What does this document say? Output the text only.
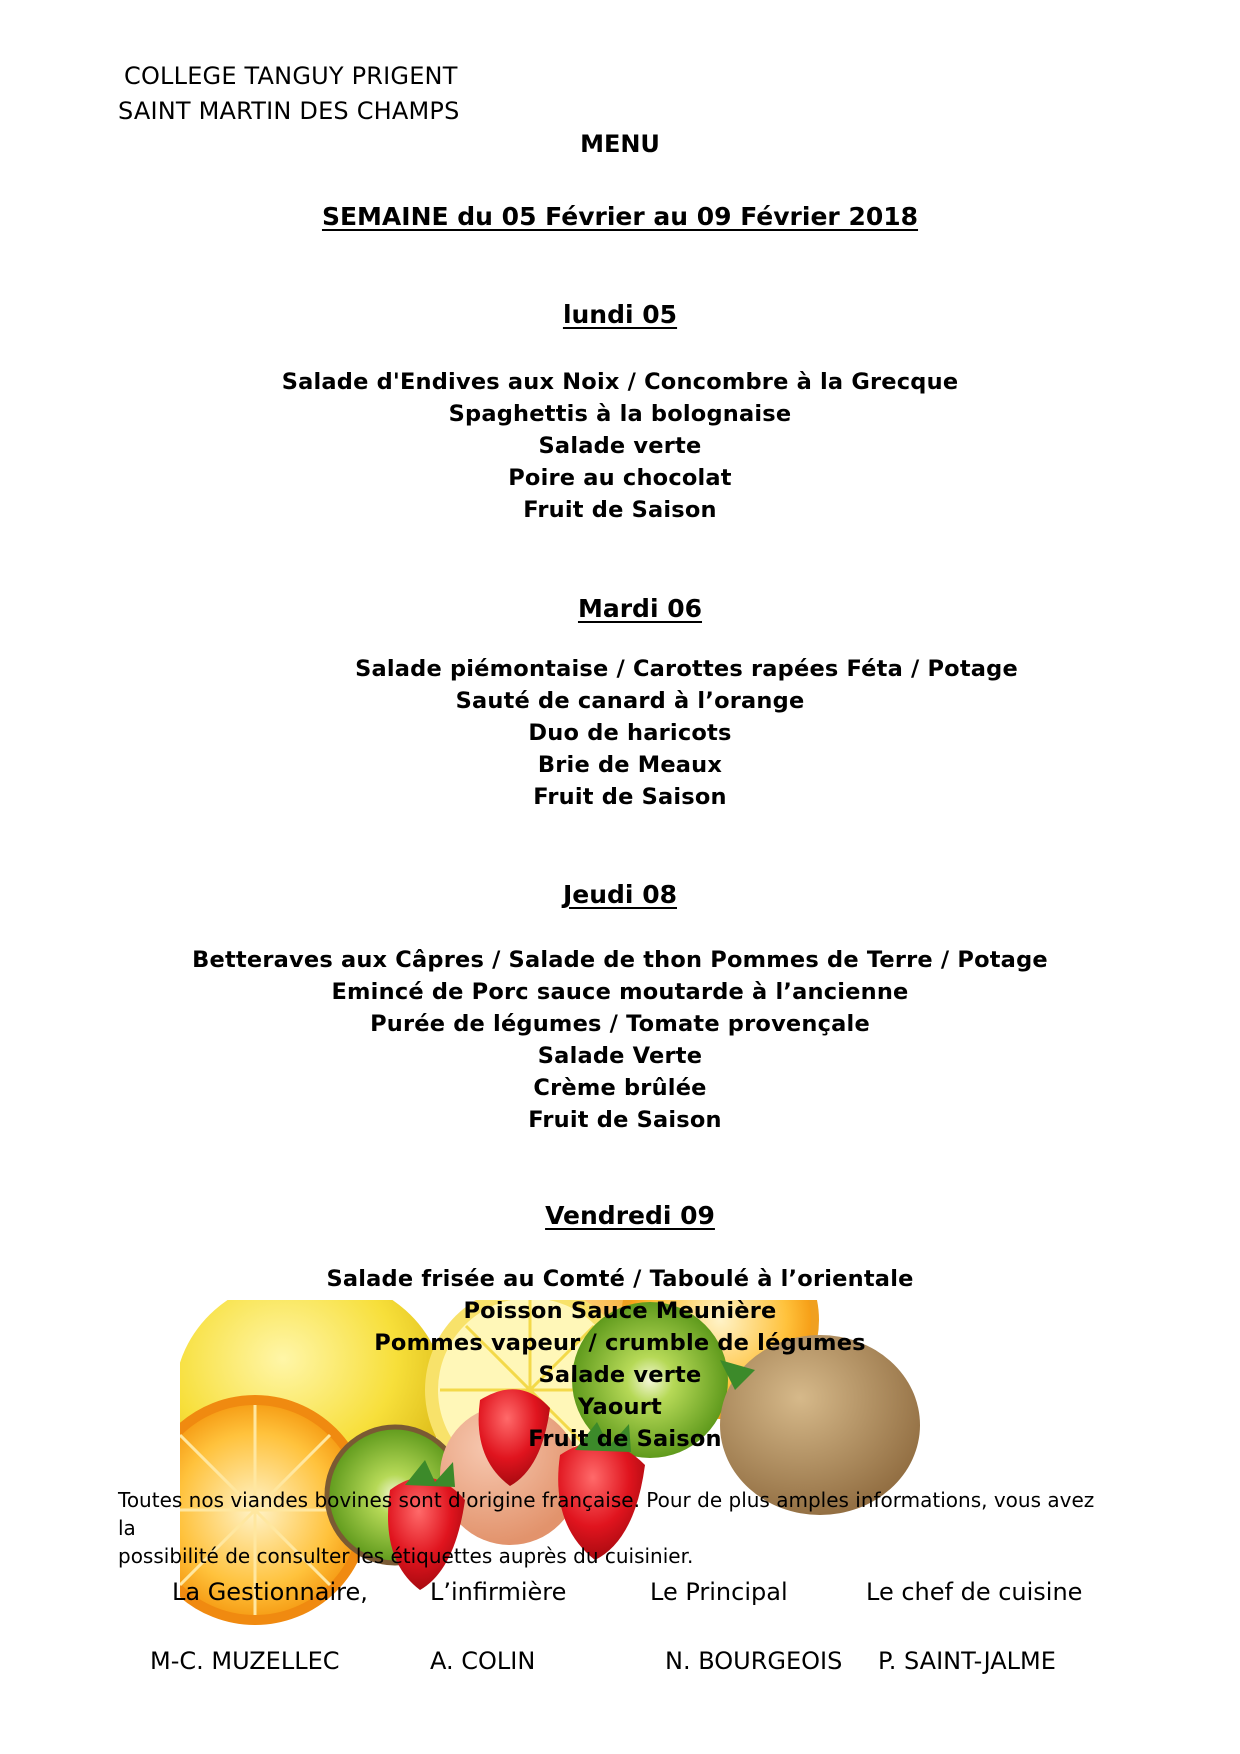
COLLEGE TANGUY PRIGENT
SAINT MARTIN DES CHAMPS
MENU
SEMAINE du 05 Février au 09 Février 2018
lundi 05
Salade d'Endives aux Noix / Concombre à la Grecque
Spaghettis à la bolognaise
Salade verte
Poire au chocolat
Fruit de Saison
Mardi 06
Salade piémontaise / Carottes rapées Féta / Potage
Sauté de canard à l’orange
Duo de haricots
Brie de Meaux
Fruit de Saison
Jeudi 08
Betteraves aux Câpres / Salade de thon Pommes de Terre / Potage
Emincé de Porc sauce moutarde à l’ancienne
Purée de légumes / Tomate provençale
Salade Verte
Crème brûlée
Fruit de Saison
Vendredi 09
Salade frisée au Comté / Taboulé à l’orientale
Poisson Sauce Meunière
Pommes vapeur / crumble de légumes
Salade verte
Yaourt
Fruit de Saison
Toutes nos viandes bovines sont d'origine française. Pour de plus amples informations, vous avez la
possibilité de consulter les étiquettes auprès du cuisinier.
La Gestionnaire,	L’infirmière	Le Principal	Le chef de cuisine
M-C. MUZELLEC	A. COLIN	N. BOURGEOIS P. SAINT-JALME
